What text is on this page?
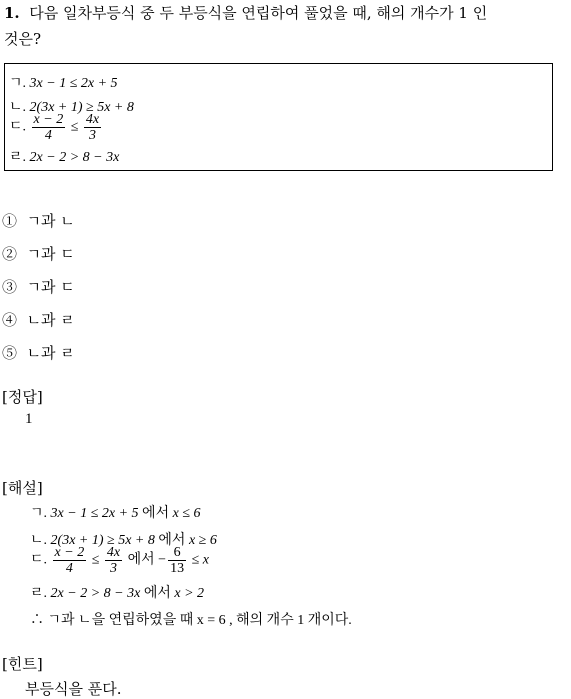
1. 다음 일차부등식 중 두 부등식을 연립하여 풀었을 때, 해의 개수가 1 인
것은?
ㄱ. 3x − 1 ≤ 2x + 5
ㄴ. 2(3x + 1) ≥ 5x + 8
ㄷ. $\frac{x - 2}{4} \le \frac{4x}{3}$
ㄹ. 2x − 2 > 8 − 3x
① ㄱ과 ㄴ
② ㄱ과 ㄷ
③ ㄱ과 ㄷ
④ ㄴ과 ㄹ
⑤ ㄴ과 ㄹ
[정답]
1
[해설]
ㄱ. 3x − 1 ≤ 2x + 5 에서 x ≤ 6
ㄴ. 2(3x + 1) ≥ 5x + 8 에서 x ≥ 6
ㄷ. $\frac{x - 2}{4} \le \frac{4x}{3}$ 에서 − $\frac{6}{13} \le x$
ㄹ. 2x − 2 > 8 − 3x 에서 x > 2
∴ ㄱ과 ㄴ을 연립하였을 때 x = 6 , 해의 개수 1 개이다.
[힌트]
부등식을 푼다.
